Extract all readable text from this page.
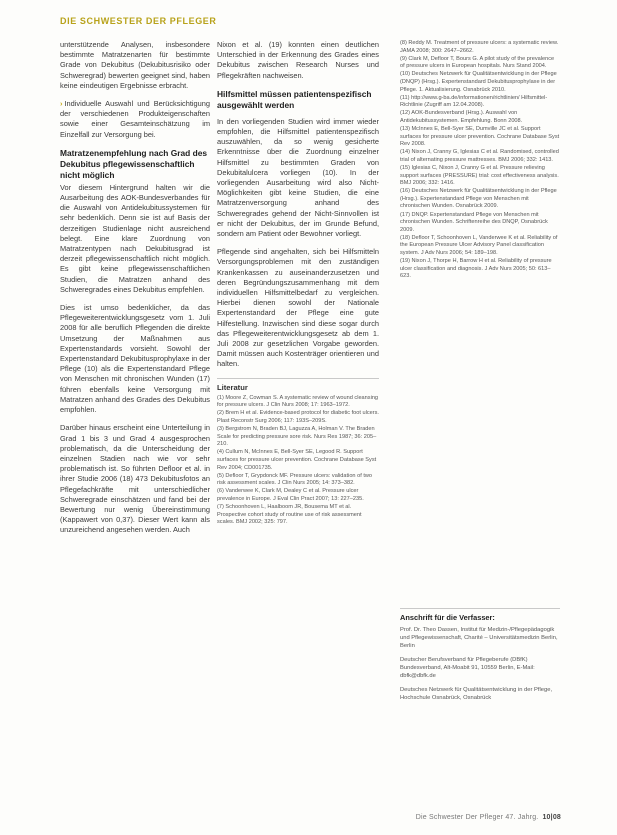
DIE SCHWESTER DER PFLEGER

unterstützende Analysen, insbesondere bestimmte Matratzenarten für bestimmte Grade von Dekubitus (Dekubitusrisiko oder Schweregrad) bewerten geeignet sind, haben keine eindeutigen Ergebnisse erbracht.

› Individuelle Auswahl und Berücksichtigung der verschiedenen Produkteigenschaften sowie einer Gesamteinschätzung im Einzelfall zur Versorgung bei.

Matratzenempfehlung nach Grad des Dekubitus pflegewissenschaftlich nicht möglich

Vor diesem Hintergrund halten wir die Ausarbeitung des AOK-Bundesverbandes für die Auswahl von Antidekubitussystemen für sehr bedenklich. Denn sie ist auf Basis der derzeitigen Studienlage nicht ausreichend belegt. Eine klare Zuordnung von Matratzentypen nach Dekubitusgrad ist derzeit pflegewissenschaftlich nicht möglich. Es gibt keine pflegewissenschaftlichen Studien, die Matratzen anhand des Schweregrades eines Dekubitus empfehlen.

Dies ist umso bedenklicher, da das Pflegeweiterentwicklungsgesetz vom 1. Juli 2008 für alle beruflich Pflegenden die direkte Umsetzung der Maßnahmen aus Expertenstandards vorsieht. Sowohl der Expertenstandard Dekubitusprophylaxe in der Pflege (10) als die Expertenstandard Pflege von Menschen mit chronischen Wunden (17) führen ebenfalls keine Versorgung mit Matratzen anhand des Grades des Dekubitus empfohlen.

Darüber hinaus erscheint eine Unterteilung in Grad 1 bis 3 und Grad 4 ausgesprochen problematisch, da die Unterscheidung der einzelnen Stadien nach wie vor sehr problematisch ist. So führten Defloor et al. in ihrer Studie 2006 (18) 473 Dekubitusfotos an Pflegefachkräfte mit unterschiedlicher Schweregrade einschätzen und fand bei der Bewertung nur wenig Übereinstimmung (Kappawert von 0,37). Dieser Wert kann als unzureichend angesehen werden. Auch

Nixon et al. (19) konnten einen deutlichen Unterschied in der Erkennung des Grades eines Dekubitus zwischen Research Nurses und Pflegekräften nachweisen.

Hilfsmittel müssen patientenspezifisch ausgewählt werden

In den vorliegenden Studien wird immer wieder empfohlen, die Hilfsmittel patientenspezifisch auszuwählen, da so wenig gesicherte Erkenntnisse über die Zuordnung einzelner Hilfsmittel zu bestimmten Graden von Dekubitalulcera vorliegen (10). In der vorliegenden Ausarbeitung wird also Nicht-Möglichkeiten gibt keine Studien, die eine Matratzenversorgung anhand des Schweregrades gehend der Nicht-Sinnvollen ist er nicht der Dekubitus, der im Grunde Befund, sondern am Patient oder Bewohner vorliegt.

Pflegende sind angehalten, sich bei Hilfsmitteln Versorgungsproblemen mit den zuständigen Krankenkassen zu auseinanderzusetzen und deren Begründungszusammenhang mit dem individuellen Hilfsmittelbedarf zu vergleichen. Hierbei dienen sowohl der Nationale Expertenstandard der Pflege eine gute Hilfestellung. Inzwischen sind diese sogar durch das Pflegeweiterentwicklungsgesetz ab dem 1. Juli 2008 zur gesetzlichen Vorgabe geworden. Damit müssen auch Kostenträger orientieren und halten.

Literatur
(1) Moore Z, Cowman S. A systematic review of wound cleansing for pressure ulcers. J Clin Nurs 2008; 17: 1963–1972.
(2) Brem H et al. Evidence-based protocol for diabetic foot ulcers. Plast Reconstr Surg 2006; 117: 193S–209S.
(3) Bergstrom N, Braden BJ, Laguzza A, Holman V. The Braden Scale for predicting pressure sore risk. Nurs Res 1987; 36: 205–210.
(4) Cullum N, McInnes E, Bell-Syer SE, Legood R. Support surfaces for pressure ulcer prevention. Cochrane Database Syst Rev 2004; CD001735.
(5) Defloor T, Grypdonck MF. Pressure ulcers: validation of two risk assessment scales. J Clin Nurs 2005; 14: 373–382.
(6) Vanderwee K, Clark M, Dealey C et al. Pressure ulcer prevalence in Europe. J Eval Clin Pract 2007; 13: 227–235.
(7) Schoonhoven L, Haalboom JR, Bousema MT et al. Prospective cohort study of routine use of risk assessment scales. BMJ 2002; 325: 797.
(8) Reddy M. Treatment of pressure ulcers: a systematic review. JAMA 2008; 300: 2647–2662.
(9) Clark M, Defloor T, Bours G. A pilot study of the prevalence of pressure ulcers in European hospitals. Nurs Stand 2004.
(10) Deutsches Netzwerk für Qualitätsentwicklung in der Pflege (DNQP) (Hrsg.). Expertenstandard Dekubitusprophylaxe in der Pflege. 1. Aktualisierung. Osnabrück 2010.
(11) http://www.g-ba.de/informationen/richtlinien/ Hilfsmittel-Richtlinie (Zugriff am 12.04.2008).
(12) AOK-Bundesverband (Hrsg.). Auswahl von Antidekubitussystemen. Empfehlung. Bonn 2008.
(13) McInnes E, Bell-Syer SE, Dumville JC et al. Support surfaces for pressure ulcer prevention. Cochrane Database Syst Rev 2008.
(14) Nixon J, Cranny G, Iglesias C et al. Randomised, controlled trial of alternating pressure mattresses. BMJ 2006; 332: 1413.
(15) Iglesias C, Nixon J, Cranny G et al. Pressure relieving support surfaces (PRESSURE) trial: cost effectiveness analysis. BMJ 2006; 332: 1416.
(16) Deutsches Netzwerk für Qualitätsentwicklung in der Pflege (Hrsg.). Expertenstandard Pflege von Menschen mit chronischen Wunden. Osnabrück 2009.
(17) DNQP. Expertenstandard Pflege von Menschen mit chronischen Wunden. Schriftenreihe des DNQP, Osnabrück 2009.
(18) Defloor T, Schoonhoven L, Vanderwee K et al. Reliability of the European Pressure Ulcer Advisory Panel classification system. J Adv Nurs 2006; 54: 189–198.
(19) Nixon J, Thorpe H, Barrow H et al. Reliability of pressure ulcer classification and diagnosis. J Adv Nurs 2005; 50: 613–623.
Anschrift für die Verfasser:
Prof. Dr. Theo Dassen, Institut für Medizin-/Pflegepädagogik und Pflegewissenschaft, Charité – Universitätsmedizin Berlin, Berlin
Deutscher Berufsverband für Pflegeberufe (DBfK) Bundesverband, Alt-Moabit 91, 10559 Berlin, E-Mail: dbfk@dbfk.de
Deutsches Netzwerk für Qualitätsentwicklung in der Pflege, Hochschule Osnabrück, Osnabrück
Die Schwester Der Pfleger 47. Jahrg. 10|08
